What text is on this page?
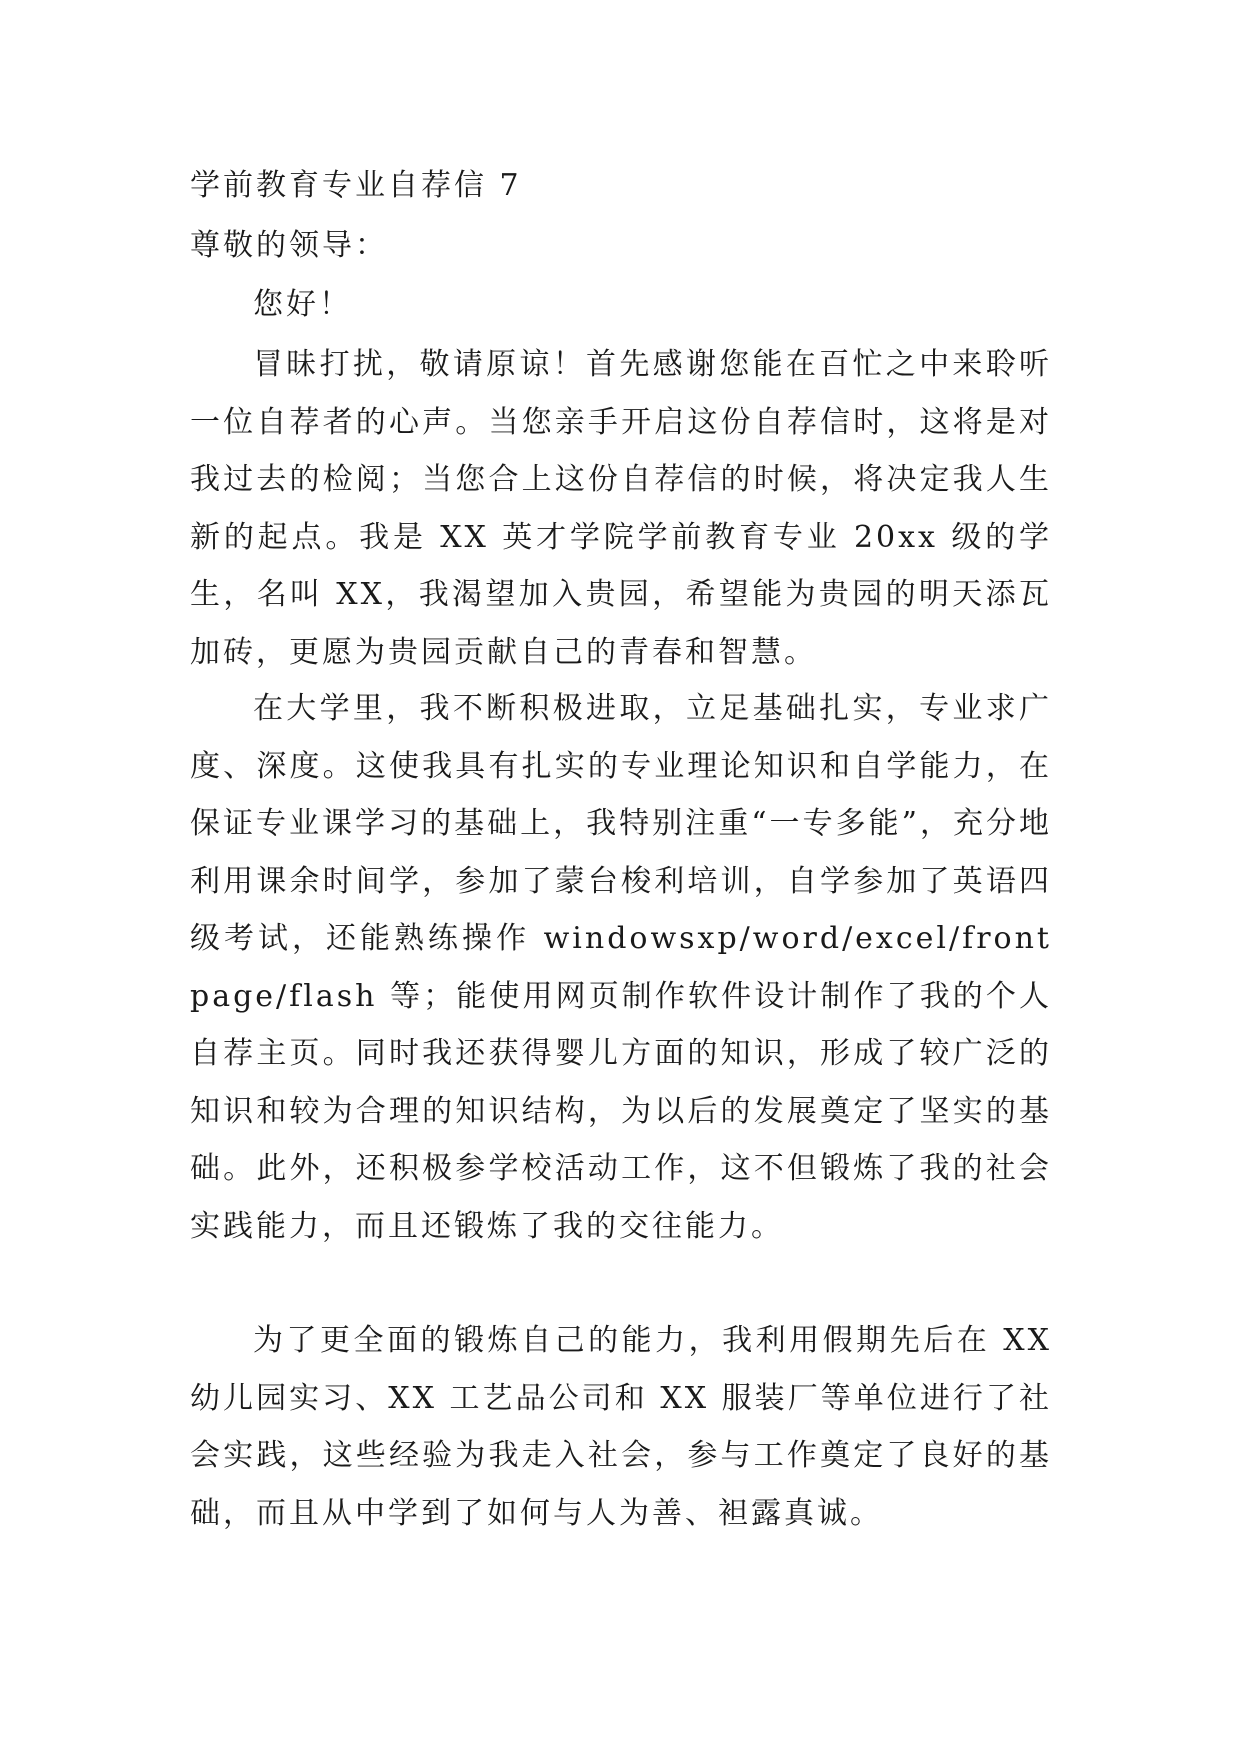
学前教育专业自荐信 7
尊敬的领导：
您好！
冒昧打扰，敬请原谅！首先感谢您能在百忙之中来聆听一位自荐者的心声。当您亲手开启这份自荐信时，这将是对我过去的检阅；当您合上这份自荐信的时候，将决定我人生新的起点。我是 XX 英才学院学前教育专业 20xx 级的学生，名叫 XX，我渴望加入贵园，希望能为贵园的明天添瓦加砖，更愿为贵园贡献自己的青春和智慧。
在大学里，我不断积极进取，立足基础扎实，专业求广度、深度。这使我具有扎实的专业理论知识和自学能力，在保证专业课学习的基础上，我特别注重“一专多能”，充分地利用课余时间学，参加了蒙台梭利培训，自学参加了英语四级考试，还能熟练操作 windowsxp/word/excel/frontpage/flash 等；能使用网页制作软件设计制作了我的个人自荐主页。同时我还获得婴儿方面的知识，形成了较广泛的知识和较为合理的知识结构，为以后的发展奠定了坚实的基础。此外，还积极参学校活动工作，这不但锻炼了我的社会实践能力，而且还锻炼了我的交往能力。
为了更全面的锻炼自己的能力，我利用假期先后在 XX 幼儿园实习、XX 工艺品公司和 XX 服装厂等单位进行了社会实践，这些经验为我走入社会，参与工作奠定了良好的基础，而且从中学到了如何与人为善、袒露真诚。
